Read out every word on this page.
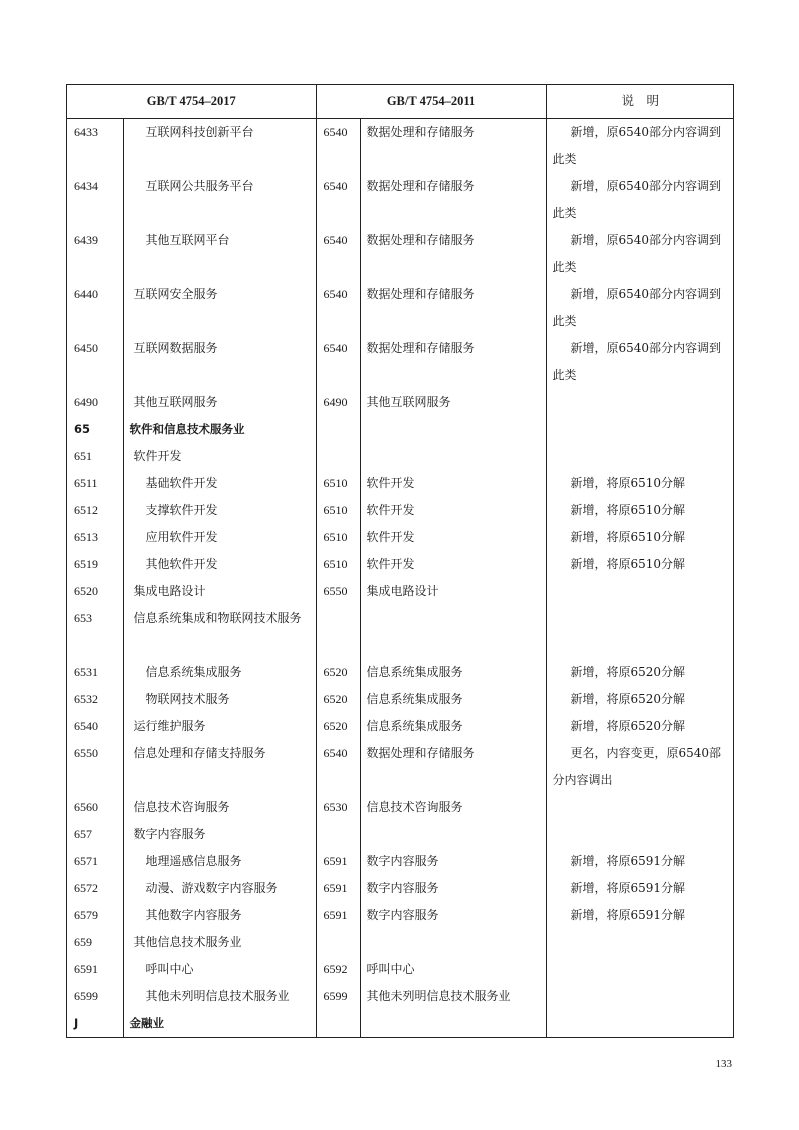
GB/T 4754–2017		GB/T 4754–2011		说　明
6433	互联网科技创新平台	6540	数据处理和存储服务	新增，原6540部分内容调到此类
6434	互联网公共服务平台	6540	数据处理和存储服务	新增，原6540部分内容调到此类
6439	其他互联网平台	6540	数据处理和存储服务	新增，原6540部分内容调到此类
6440	互联网安全服务	6540	数据处理和存储服务	新增，原6540部分内容调到此类
6450	互联网数据服务	6540	数据处理和存储服务	新增，原6540部分内容调到此类
6490	其他互联网服务	6490	其他互联网服务	
65	软件和信息技术服务业			
651	软件开发			
6511	基础软件开发	6510	软件开发	新增，将原6510分解
6512	支撑软件开发	6510	软件开发	新增，将原6510分解
6513	应用软件开发	6510	软件开发	新增，将原6510分解
6519	其他软件开发	6510	软件开发	新增，将原6510分解
6520	集成电路设计	6550	集成电路设计	
653	信息系统集成和物联网技术服务			
6531	信息系统集成服务	6520	信息系统集成服务	新增，将原6520分解
6532	物联网技术服务	6520	信息系统集成服务	新增，将原6520分解
6540	运行维护服务	6520	信息系统集成服务	新增，将原6520分解
6550	信息处理和存储支持服务	6540	数据处理和存储服务	更名，内容变更，原6540部分内容调出
6560	信息技术咨询服务	6530	信息技术咨询服务	
657	数字内容服务			
6571	地理遥感信息服务	6591	数字内容服务	新增，将原6591分解
6572	动漫、游戏数字内容服务	6591	数字内容服务	新增，将原6591分解
6579	其他数字内容服务	6591	数字内容服务	新增，将原6591分解
659	其他信息技术服务业			
6591	呼叫中心	6592	呼叫中心	
6599	其他未列明信息技术服务业	6599	其他未列明信息技术服务业	
J	金融业			
133
